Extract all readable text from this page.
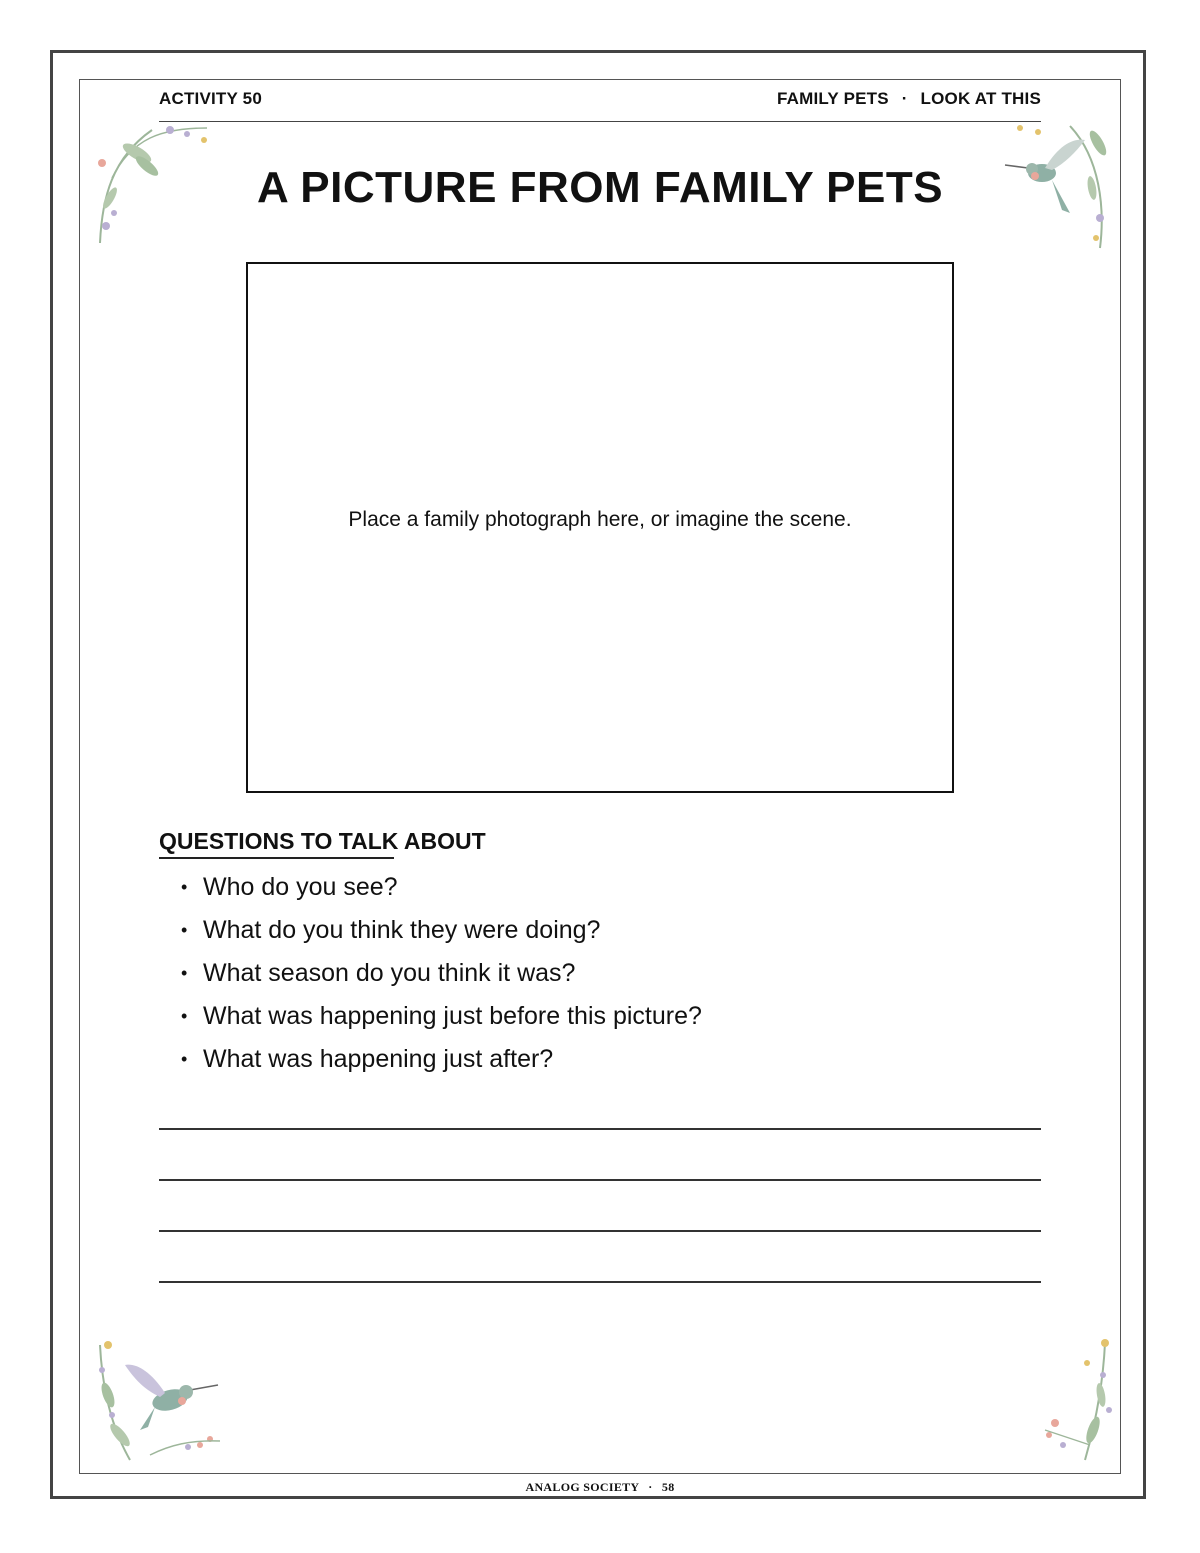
ACTIVITY 50	FAMILY PETS · LOOK AT THIS
A PICTURE FROM FAMILY PETS
Place a family photograph here, or imagine the scene.
QUESTIONS TO TALK ABOUT
• Who do you see?
• What do you think they were doing?
• What season do you think it was?
• What was happening just before this picture?
• What was happening just after?
ANALOG SOCIETY · 58
